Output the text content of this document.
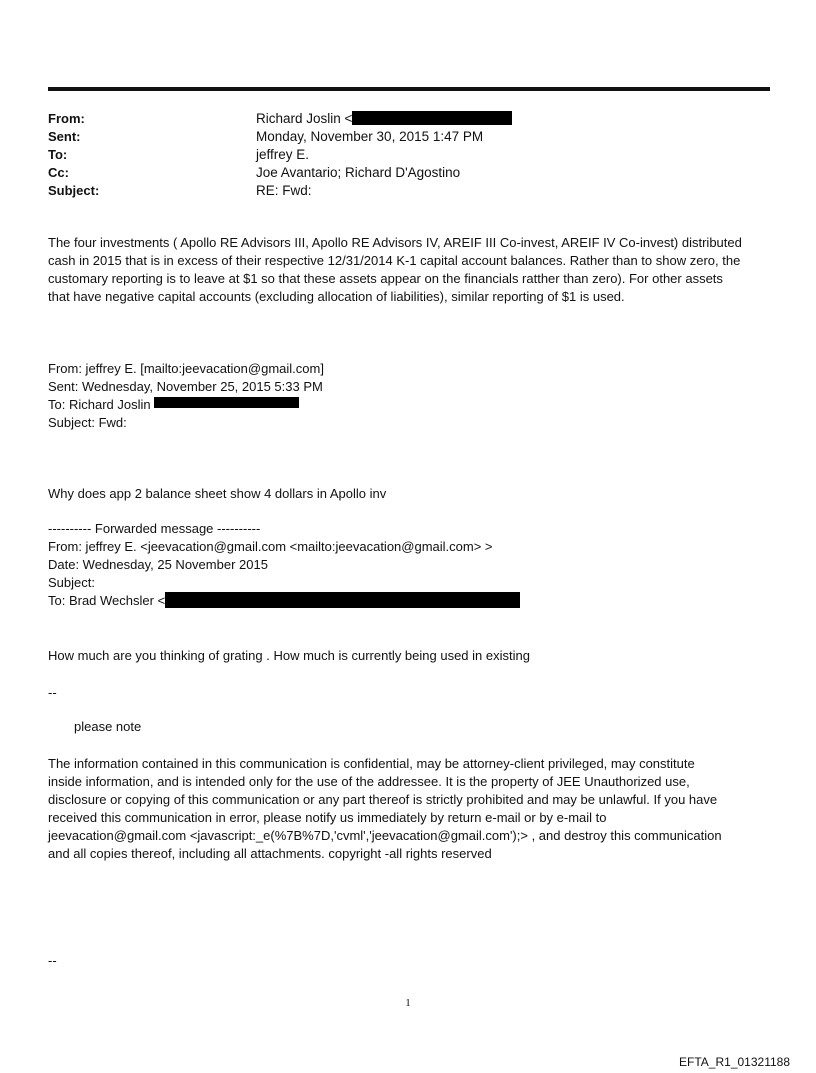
From:	Richard Joslin <
Sent:	Monday, November 30, 2015 1:47 PM
To:	jeffrey E.
Cc:	Joe Avantario; Richard D'Agostino
Subject:	RE: Fwd:
The four investments ( Apollo RE Advisors III, Apollo RE Advisors IV, AREIF III Co-invest, AREIF IV Co-invest) distributed
cash in 2015 that is in excess of their respective 12/31/2014 K-1 capital account balances. Rather than to show zero, the
customary reporting is to leave at $1 so that these assets appear on the financials ratther than zero). For other assets
that have negative capital accounts (excluding allocation of liabilities), similar reporting of $1 is used.
From: jeffrey E. [mailto:jeevacation@gmail.com]
Sent: Wednesday, November 25, 2015 5:33 PM
To: Richard Joslin
Subject: Fwd:
Why does app 2 balance sheet show 4 dollars in Apollo inv
---------- Forwarded message ----------
From: jeffrey E. <jeevacation@gmail.com <mailto:jeevacation@gmail.com> >
Date: Wednesday, 25 November 2015
Subject:
To: Brad Wechsler <
How much are you thinking of grating . How much is currently being used in existing
--
please note
The information contained in this communication is confidential, may be attorney-client privileged, may constitute
inside information, and is intended only for the use of the addressee. It is the property of JEE Unauthorized use,
disclosure or copying of this communication or any part thereof is strictly prohibited and may be unlawful. If you have
received this communication in error, please notify us immediately by return e-mail or by e-mail to
jeevacation@gmail.com <javascript:_e(%7B%7D,'cvml','jeevacation@gmail.com');> , and destroy this communication
and all copies thereof, including all attachments. copyright -all rights reserved
--
1
EFTA_R1_01321188
